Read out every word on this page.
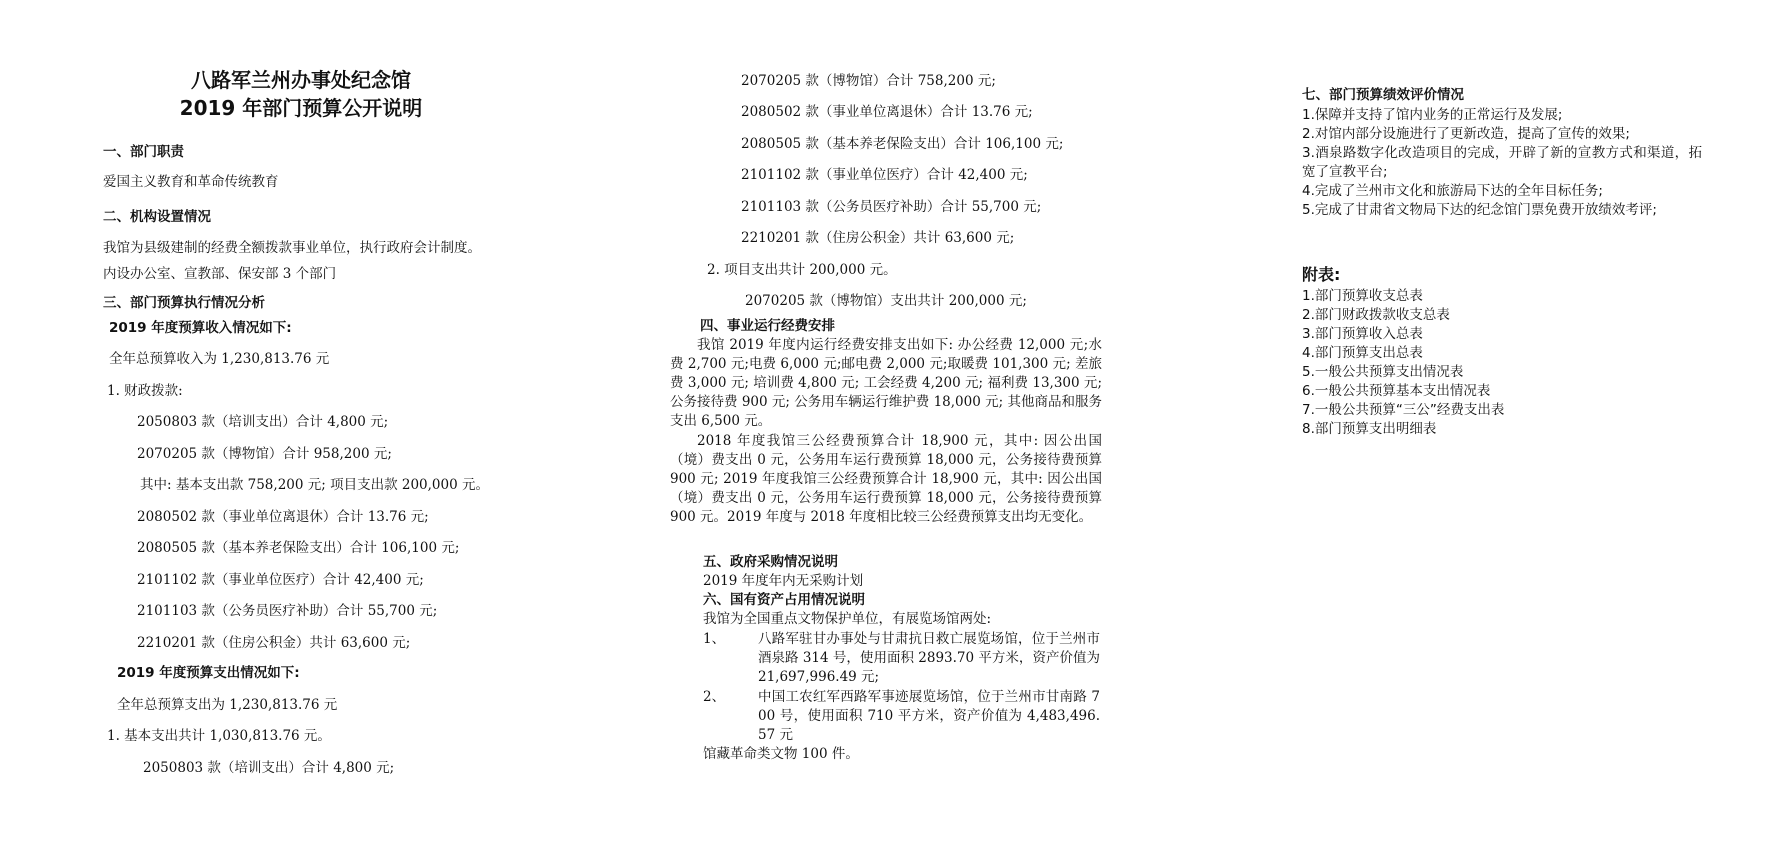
八路军兰州办事处纪念馆
2019 年部门预算公开说明
一、部门职责
爱国主义教育和革命传统教育
二、机构设置情况
我馆为县级建制的经费全额拨款事业单位，执行政府会计制度。
内设办公室、宣教部、保安部 3 个部门
三、部门预算执行情况分析
2019 年度预算收入情况如下:
全年总预算收入为 1,230,813.76 元
1. 财政拨款:
2050803 款（培训支出）合计 4,800 元;
2070205 款（博物馆）合计 958,200 元;
其中: 基本支出款 758,200 元; 项目支出款 200,000 元。
2080502 款（事业单位离退休）合计 13.76 元;
2080505 款（基本养老保险支出）合计 106,100 元;
2101102 款（事业单位医疗）合计 42,400 元;
2101103 款（公务员医疗补助）合计 55,700 元;
2210201 款（住房公积金）共计 63,600 元;
2019 年度预算支出情况如下:
全年总预算支出为 1,230,813.76 元
1. 基本支出共计 1,030,813.76 元。
2050803 款（培训支出）合计 4,800 元;
2070205 款（博物馆）合计 758,200 元;
2080502 款（事业单位离退休）合计 13.76 元;
2080505 款（基本养老保险支出）合计 106,100 元;
2101102 款（事业单位医疗）合计 42,400 元;
2101103 款（公务员医疗补助）合计 55,700 元;
2210201 款（住房公积金）共计 63,600 元;
2. 项目支出共计 200,000 元。
2070205 款（博物馆）支出共计 200,000 元;
四、事业运行经费安排

我馆 2019 年度内运行经费安排支出如下: 办公经费 12,000 元;水费 2,700 元;电费 6,000 元;邮电费 2,000 元;取暖费 101,300 元; 差旅费 3,000 元; 培训费 4,800 元; 工会经费 4,200 元; 福利费 13,300 元; 公务接待费 900 元; 公务用车辆运行维护费 18,000 元; 其他商品和服务支出 6,500 元。

2018 年度我馆三公经费预算合计 18,900 元，其中: 因公出国（境）费支出 0 元，公务用车运行费预算 18,000 元，公务接待费预算 900 元; 2019 年度我馆三公经费预算合计 18,900 元，其中: 因公出国（境）费支出 0 元，公务用车运行费预算 18,000 元，公务接待费预算 900 元。2019 年度与 2018 年度相比较三公经费预算支出均无变化。

五、政府采购情况说明
2019 年度年内无采购计划
六、国有资产占用情况说明
我馆为全国重点文物保护单位，有展览场馆两处:
1、 八路军驻甘办事处与甘肃抗日救亡展览场馆，位于兰州市酒泉路 314 号，使用面积 2893.70 平方米，资产价值为 21,697,996.49 元;
2、 中国工农红军西路军事迹展览场馆，位于兰州市甘南路 700 号，使用面积 710 平方米，资产价值为 4,483,496.57 元
馆藏革命类文物 100 件。
七、部门预算绩效评价情况
1.保障并支持了馆内业务的正常运行及发展;
2.对馆内部分设施进行了更新改造，提高了宣传的效果;
3.酒泉路数字化改造项目的完成，开辟了新的宣教方式和渠道，拓宽了宣教平台;
4.完成了兰州市文化和旅游局下达的全年目标任务;
5.完成了甘肃省文物局下达的纪念馆门票免费开放绩效考评;
附表:
1.部门预算收支总表
2.部门财政拨款收支总表
3.部门预算收入总表
4.部门预算支出总表
5.一般公共预算支出情况表
6.一般公共预算基本支出情况表
7.一般公共预算“三公”经费支出表
8.部门预算支出明细表
